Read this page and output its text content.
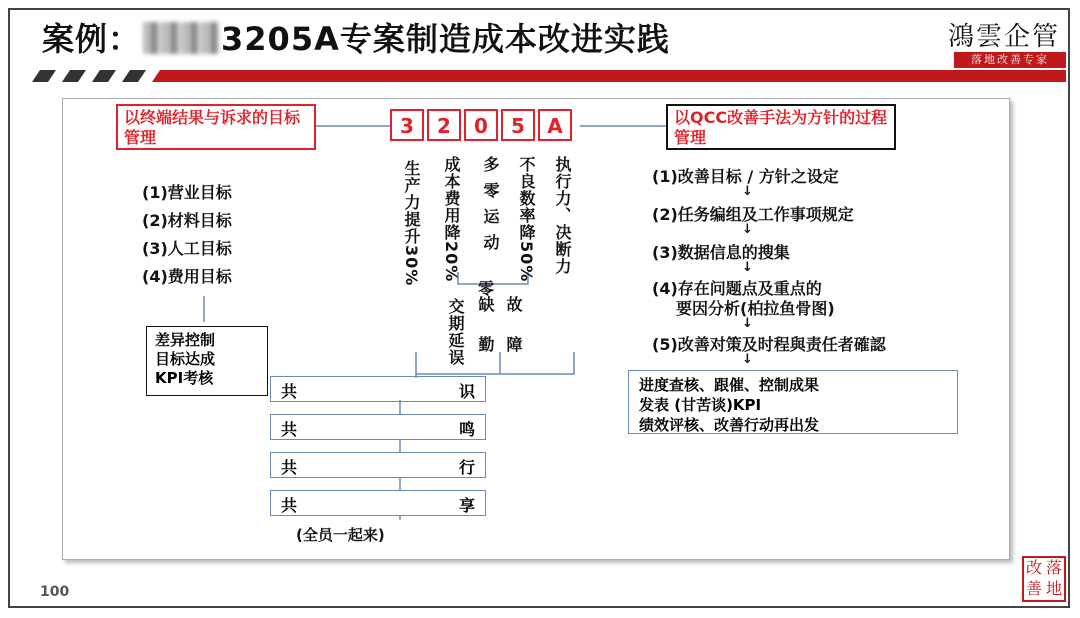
案例：	3205A专案制造成本改进实践	鴻雲企管
落地改善专家
以终端结果与诉求的目标管理
以QCC改善手法为方针的过程管理
3	2	0	5	A
生产力提升30% 成本费用降20% 多零运动 不良数率降50% 执行力、决断力
零
交期延误 缺勤 故障
(1)营业目标
(2)材料目标
(3)人工目标
(4)费用目标
差异控制
目标达成
KPI考核
共	识
共	鸣
共	行
共	享
(全员一起来)
(1)改善目标 / 方针之设定
↓
(2)任务编组及工作事项规定
↓
(3)数据信息的搜集
↓
(4)存在问题点及重点的
要因分析(柏拉鱼骨图)
↓
(5)改善对策及时程與责任者確認
↓
进度查核、跟催、控制成果
发表 (甘苦谈)KPI
绩效评核、改善行动再出发
100
改 落
善 地
